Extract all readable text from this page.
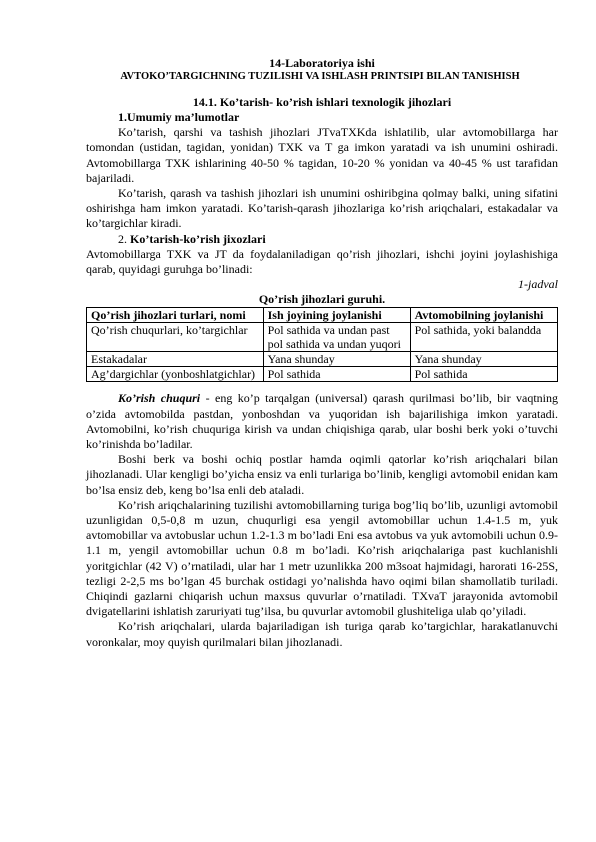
14-Laboratoriya ishi
AVTOKO’TARGICHNING TUZILISHI VA ISHLASH PRINTSIPI BILAN TANISHISH
14.1. Ko’tarish- ko’rish ishlari texnologik jihozlari

1.Umumiy ma’lumotlar

Ko’tarish, qarshi va tashish jihozlari JTvaTXKda ishlatilib, ular avtomobillarga har tomondan (ustidan, tagidan, yonidan) TXK va T ga imkon yaratadi va ish unumini oshiradi. Avtomobillarga TXK ishlarining 40-50 % tagidan, 10-20 % yonidan va 40-45 % ust tarafidan bajariladi.

Ko’tarish, qarash va tashish jihozlari ish unumini oshiribgina qolmay balki, uning sifatini oshirishga ham imkon yaratadi. Ko’tarish-qarash jihozlariga ko’rish ariqchalari, estakadalar va ko’targichlar kiradi.

2. Ko’tarish-ko’rish jixozlari

Avtomobillarga TXK va JT da foydalaniladigan qo’rish jihozlari, ishchi joyini joylashishiga qarab, quyidagi guruhga bo’linadi:

1-jadval

Qo’rish jihozlari guruhi.
Qo’rish jihozlari turlari, nomi	Ish joyining joylanishi	Avtomobilning joylanishi
Qo’rish chuqurlari, ko’targichlar	Pol sathida va undan past pol sathida va undan yuqori	Pol sathida, yoki balandda
Estakadalar	Yana shunday	Yana shunday
Ag’dargichlar (yonboshlatgichlar)	Pol sathida	Pol sathida

Ko’rish chuquri - eng ko’p tarqalgan (universal) qarash qurilmasi bo’lib, bir vaqtning o’zida avtomobilda pastdan, yonboshdan va yuqoridan ish bajarilishiga imkon yaratadi. Avtomobilni, ko’rish chuquriga kirish va undan chiqishiga qarab, ular boshi berk yoki o’tuvchi ko’rinishda bo’ladilar.

Boshi berk va boshi ochiq postlar hamda oqimli qatorlar ko’rish ariqchalari bilan jihozlanadi. Ular kengligi bo’yicha ensiz va enli turlariga bo’linib, kengligi avtomobil enidan kam bo’lsa ensiz deb, keng bo’lsa enli deb ataladi.

Ko’rish ariqchalarining tuzilishi avtomobillarning turiga bog’liq bo’lib, uzunligi avtomobil uzunligidan 0,5-0,8 m uzun, chuqurligi esa yengil avtomobillar uchun 1.4-1.5 m, yuk avtomobillar va avtobuslar uchun 1.2-1.3 m bo’ladi Eni esa avtobus va yuk avtomobili uchun 0.9-1.1 m, yengil avtomobillar uchun 0.8 m bo’ladi. Ko’rish ariqchalariga past kuchlanishli yoritgichlar (42 V) o’rnatiladi, ular har 1 metr uzunlikka 200 m3soat hajmidagi, harorati 16-25S, tezligi 2-2,5 ms bo’lgan 45 burchak ostidagi yo’nalishda havo oqimi bilan shamollatib turiladi. Chiqindi gazlarni chiqarish uchun maxsus quvurlar o’rnatiladi. TXvaT jarayonida avtomobil dvigatellarini ishlatish zaruriyati tug’ilsa, bu quvurlar avtomobil glushiteliga ulab qo’yiladi.

Ko’rish ariqchalari, ularda bajariladigan ish turiga qarab ko’targichlar, harakatlanuvchi voronkalar, moy quyish qurilmalari bilan jihozlanadi.
